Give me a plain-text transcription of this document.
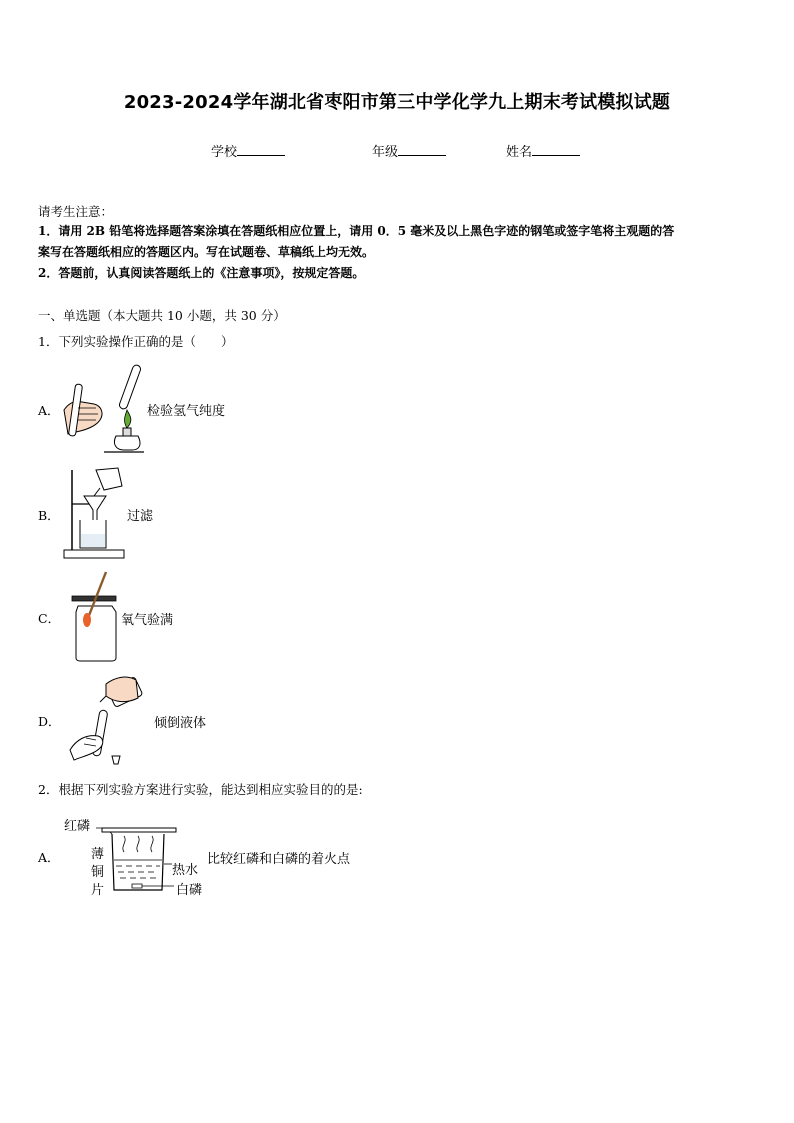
2023-2024学年湖北省枣阳市第三中学化学九上期末考试模拟试题
学校	年级	姓名
请考生注意：
1．请用 2B 铅笔将选择题答案涂填在答题纸相应位置上，请用 0．5 毫米及以上黑色字迹的钢笔或签字笔将主观题的答
案写在答题纸相应的答题区内。写在试题卷、草稿纸上均无效。
2．答题前，认真阅读答题纸上的《注意事项》，按规定答题。
一、单选题（本大题共 10 小题，共 30 分）
1．下列实验操作正确的是（　　）
A．	检验氢气纯度
B．	过滤
C．	氧气验满
D．	倾倒液体
2．根据下列实验方案进行实验，能达到相应实验目的的是:
A．
红磷
薄
铜
片
热水
白磷
比较红磷和白磷的着火点
